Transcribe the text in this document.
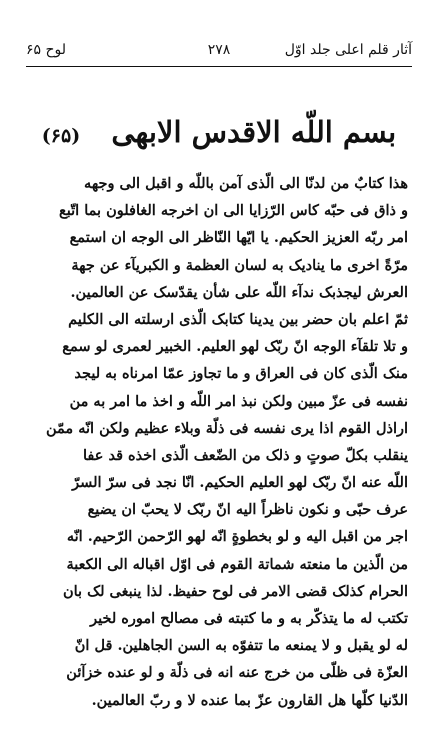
آثار قلم اعلی جلد اوّل
۲۷۸
لوح ۶۵
بسم اللّه الاقدس الابهی (۶۵)
هذا كتابٌ من لدنّا الی الّذی آمن باللّه و اقبل الی وجهه
و ذاق فی حبّه كاس الرّزایا الی ان اخرجه الغافلون بما اتّبع
امر ربّه العزیز الحكیم. یا ایّها النّاظر الی الوجه ان استمع
مرّةً اخری ما ینادیک به لسان العظمة و الكبریآء عن جهة
العرش لیجذبک ندآء اللّه علی شأن یقدّسک عن العالمین.
ثمّ اعلم بان حضر بین یدینا كتابک الّذی ارسلته الی الكلیم
و تلا تلقآء الوجه انّ ربّک لهو العلیم. الخبیر لعمری لو سمع
منک الّذی كان فی العراق و ما تجاوز عمّا امرناه به لیجد
نفسه فی عزّ مبین ولكن نبذ امر اللّه و اخذ ما امر به من
اراذل القوم اذا یری نفسه فی ذلّة وبلاء عظیم ولكن انّه ممّن
ینقلب بكلّ صوتٍ و ذلک من الضّعف الّذی اخذه قد عفا
اللّه عنه انّ ربّک لهو العلیم الحكیم. انّا نجد فی سرّ السرّ
عرف حبّی و نكون ناظراً الیه انّ ربّک لا یحبّ ان یضیع
اجر من اقبل الیه و لو بخطوةٍ انّه لهو الرّحمن الرّحیم. انّه
من الّذین ما منعته شماتة القوم فی اوّل اقباله الی الكعبة
الحرام كذلک قضی الامر فی لوح حفیظ. لذا ینبغی لک بان
تكتب له ما یتذكّر به و ما كتبته فی مصالح اموره لخیر
له لو یقبل و لا یمنعه ما تتفوّه به السن الجاهلین. قل انّ
العزّة فی ظلّی من خرج عنه انه فی ذلّة و لو عنده خزآئن
الدّنیا كلّها هل القارون عزّ بما عنده لا و ربّ العالمین.
